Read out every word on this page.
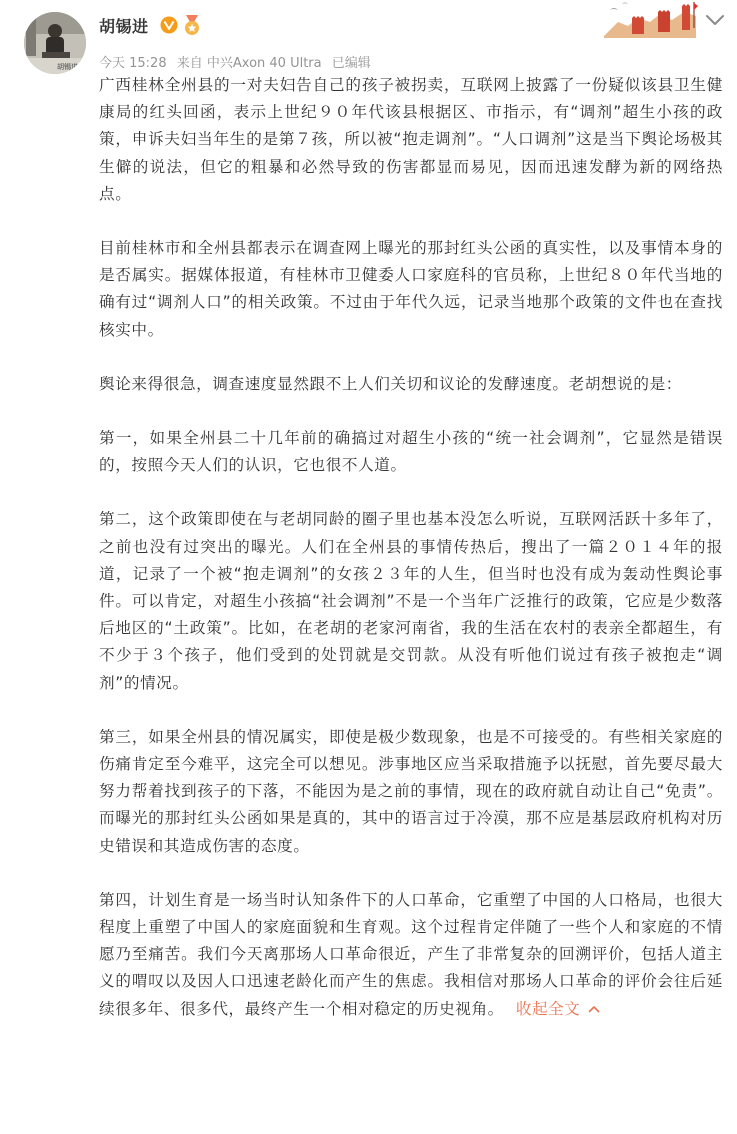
胡锡进
胡锡进
今天 15:28 来自 中兴Axon 40 Ultra 已编辑

广西桂林全州县的一对夫妇告自己的孩子被拐卖，互联网上披露了一份疑似该县卫生健康局的红头回函，表示上世纪９０年代该县根据区、市指示，有“调剂”超生小孩的政策，申诉夫妇当年生的是第７孩，所以被“抱走调剂”。“人口调剂”这是当下舆论场极其生僻的说法，但它的粗暴和必然导致的伤害都显而易见，因而迅速发酵为新的网络热点。

目前桂林市和全州县都表示在调查网上曝光的那封红头公函的真实性，以及事情本身的是否属实。据媒体报道，有桂林市卫健委人口家庭科的官员称，上世纪８０年代当地的确有过“调剂人口”的相关政策。不过由于年代久远，记录当地那个政策的文件也在查找核实中。

舆论来得很急，调查速度显然跟不上人们关切和议论的发酵速度。老胡想说的是：

第一，如果全州县二十几年前的确搞过对超生小孩的“统一社会调剂”，它显然是错误的，按照今天人们的认识，它也很不人道。

第二，这个政策即使在与老胡同龄的圈子里也基本没怎么听说，互联网活跃十多年了，之前也没有过突出的曝光。人们在全州县的事情传热后，搜出了一篇２０１４年的报道，记录了一个被“抱走调剂”的女孩２３年的人生，但当时也没有成为轰动性舆论事件。可以肯定，对超生小孩搞“社会调剂”不是一个当年广泛推行的政策，它应是少数落后地区的“土政策”。比如，在老胡的老家河南省，我的生活在农村的表亲全都超生，有不少于３个孩子，他们受到的处罚就是交罚款。从没有听他们说过有孩子被抱走“调剂”的情况。

第三，如果全州县的情况属实，即使是极少数现象，也是不可接受的。有些相关家庭的伤痛肯定至今难平，这完全可以想见。涉事地区应当采取措施予以抚慰，首先要尽最大努力帮着找到孩子的下落，不能因为是之前的事情，现在的政府就自动让自己“免责”。而曝光的那封红头公函如果是真的，其中的语言过于冷漠，那不应是基层政府机构对历史错误和其造成伤害的态度。

第四，计划生育是一场当时认知条件下的人口革命，它重塑了中国的人口格局，也很大程度上重塑了中国人的家庭面貌和生育观。这个过程肯定伴随了一些个人和家庭的不情愿乃至痛苦。我们今天离那场人口革命很近，产生了非常复杂的回溯评价，包括人道主义的喟叹以及因人口迅速老龄化而产生的焦虑。我相信对那场人口革命的评价会往后延续很多年、很多代，最终产生一个相对稳定的历史视角。 收起全文
